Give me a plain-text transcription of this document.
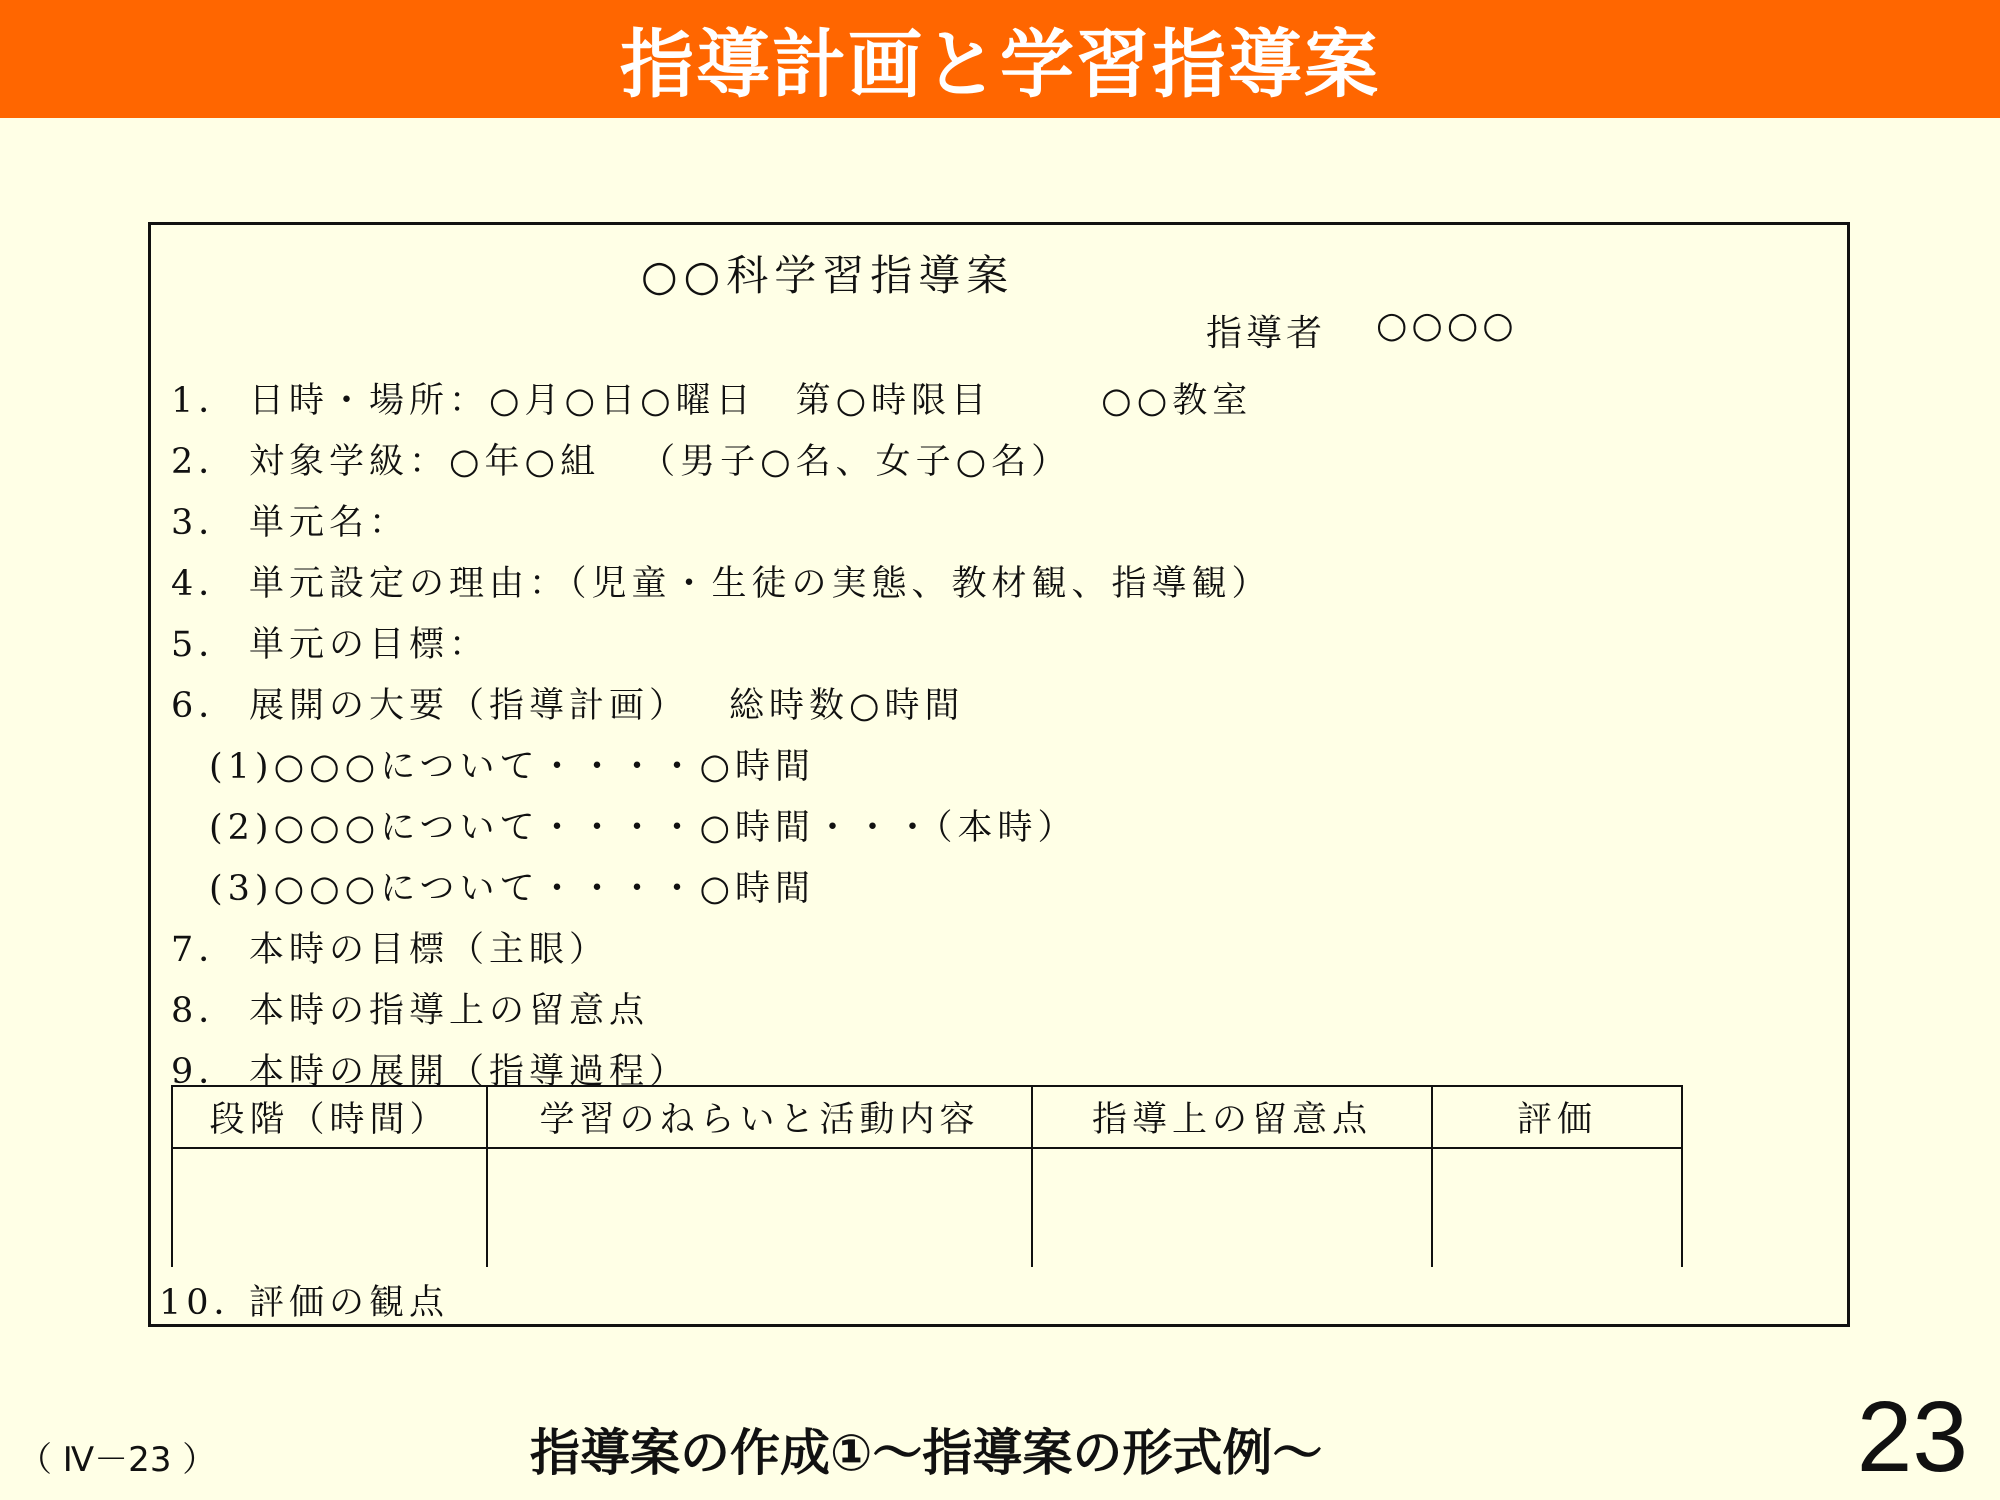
指導計画と学習指導案
○○科学習指導案
指導者 ○○○○
1． 日時・場所：○月○日○曜日 第○時限目	○○教室
2． 対象学級：○年○組 （男子○名、女子○名）
3． 単元名：
4． 単元設定の理由：（児童・生徒の実態、教材観、指導観）
5． 単元の目標：
6． 展開の大要（指導計画） 総時数○時間
(1)○○○について・・・・○時間
(2)○○○について・・・・○時間・・・（本時）
(3)○○○について・・・・○時間
7． 本時の目標（主眼）
8． 本時の指導上の留意点
9． 本時の展開（指導過程）
段階（時間）	学習のねらいと活動内容	指導上の留意点	評価

10．
評価の観点
（ Ⅳ－23 ）	指導案の作成①～指導案の形式例～	23
